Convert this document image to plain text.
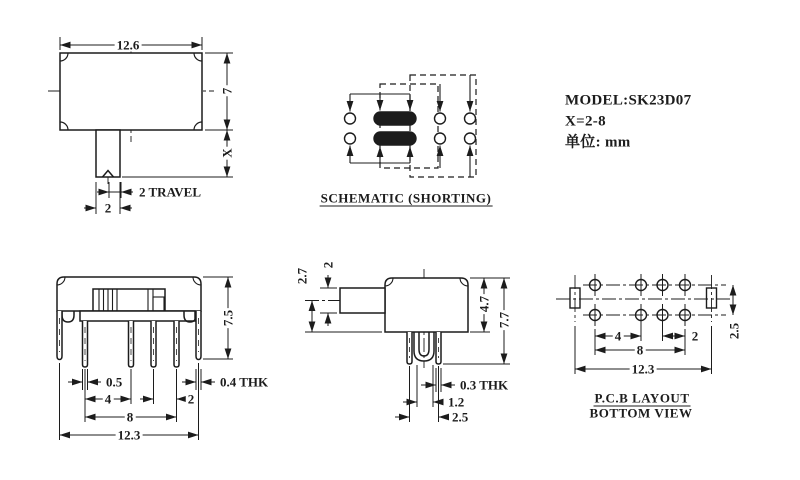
12.6
7
X
2 TRAVEL
2
SCHEMATIC (SHORTING)
MODEL:SK23D07
X=2-8
单位: mm
7.5
0.5
4	2
8
12.3
0.4 THK
2.7
2
4.7
7.7
0.3 THK
1.2
2.5
4	2
8
12.3
2.5
P.C.B LAYOUT
BOTTOM VIEW
